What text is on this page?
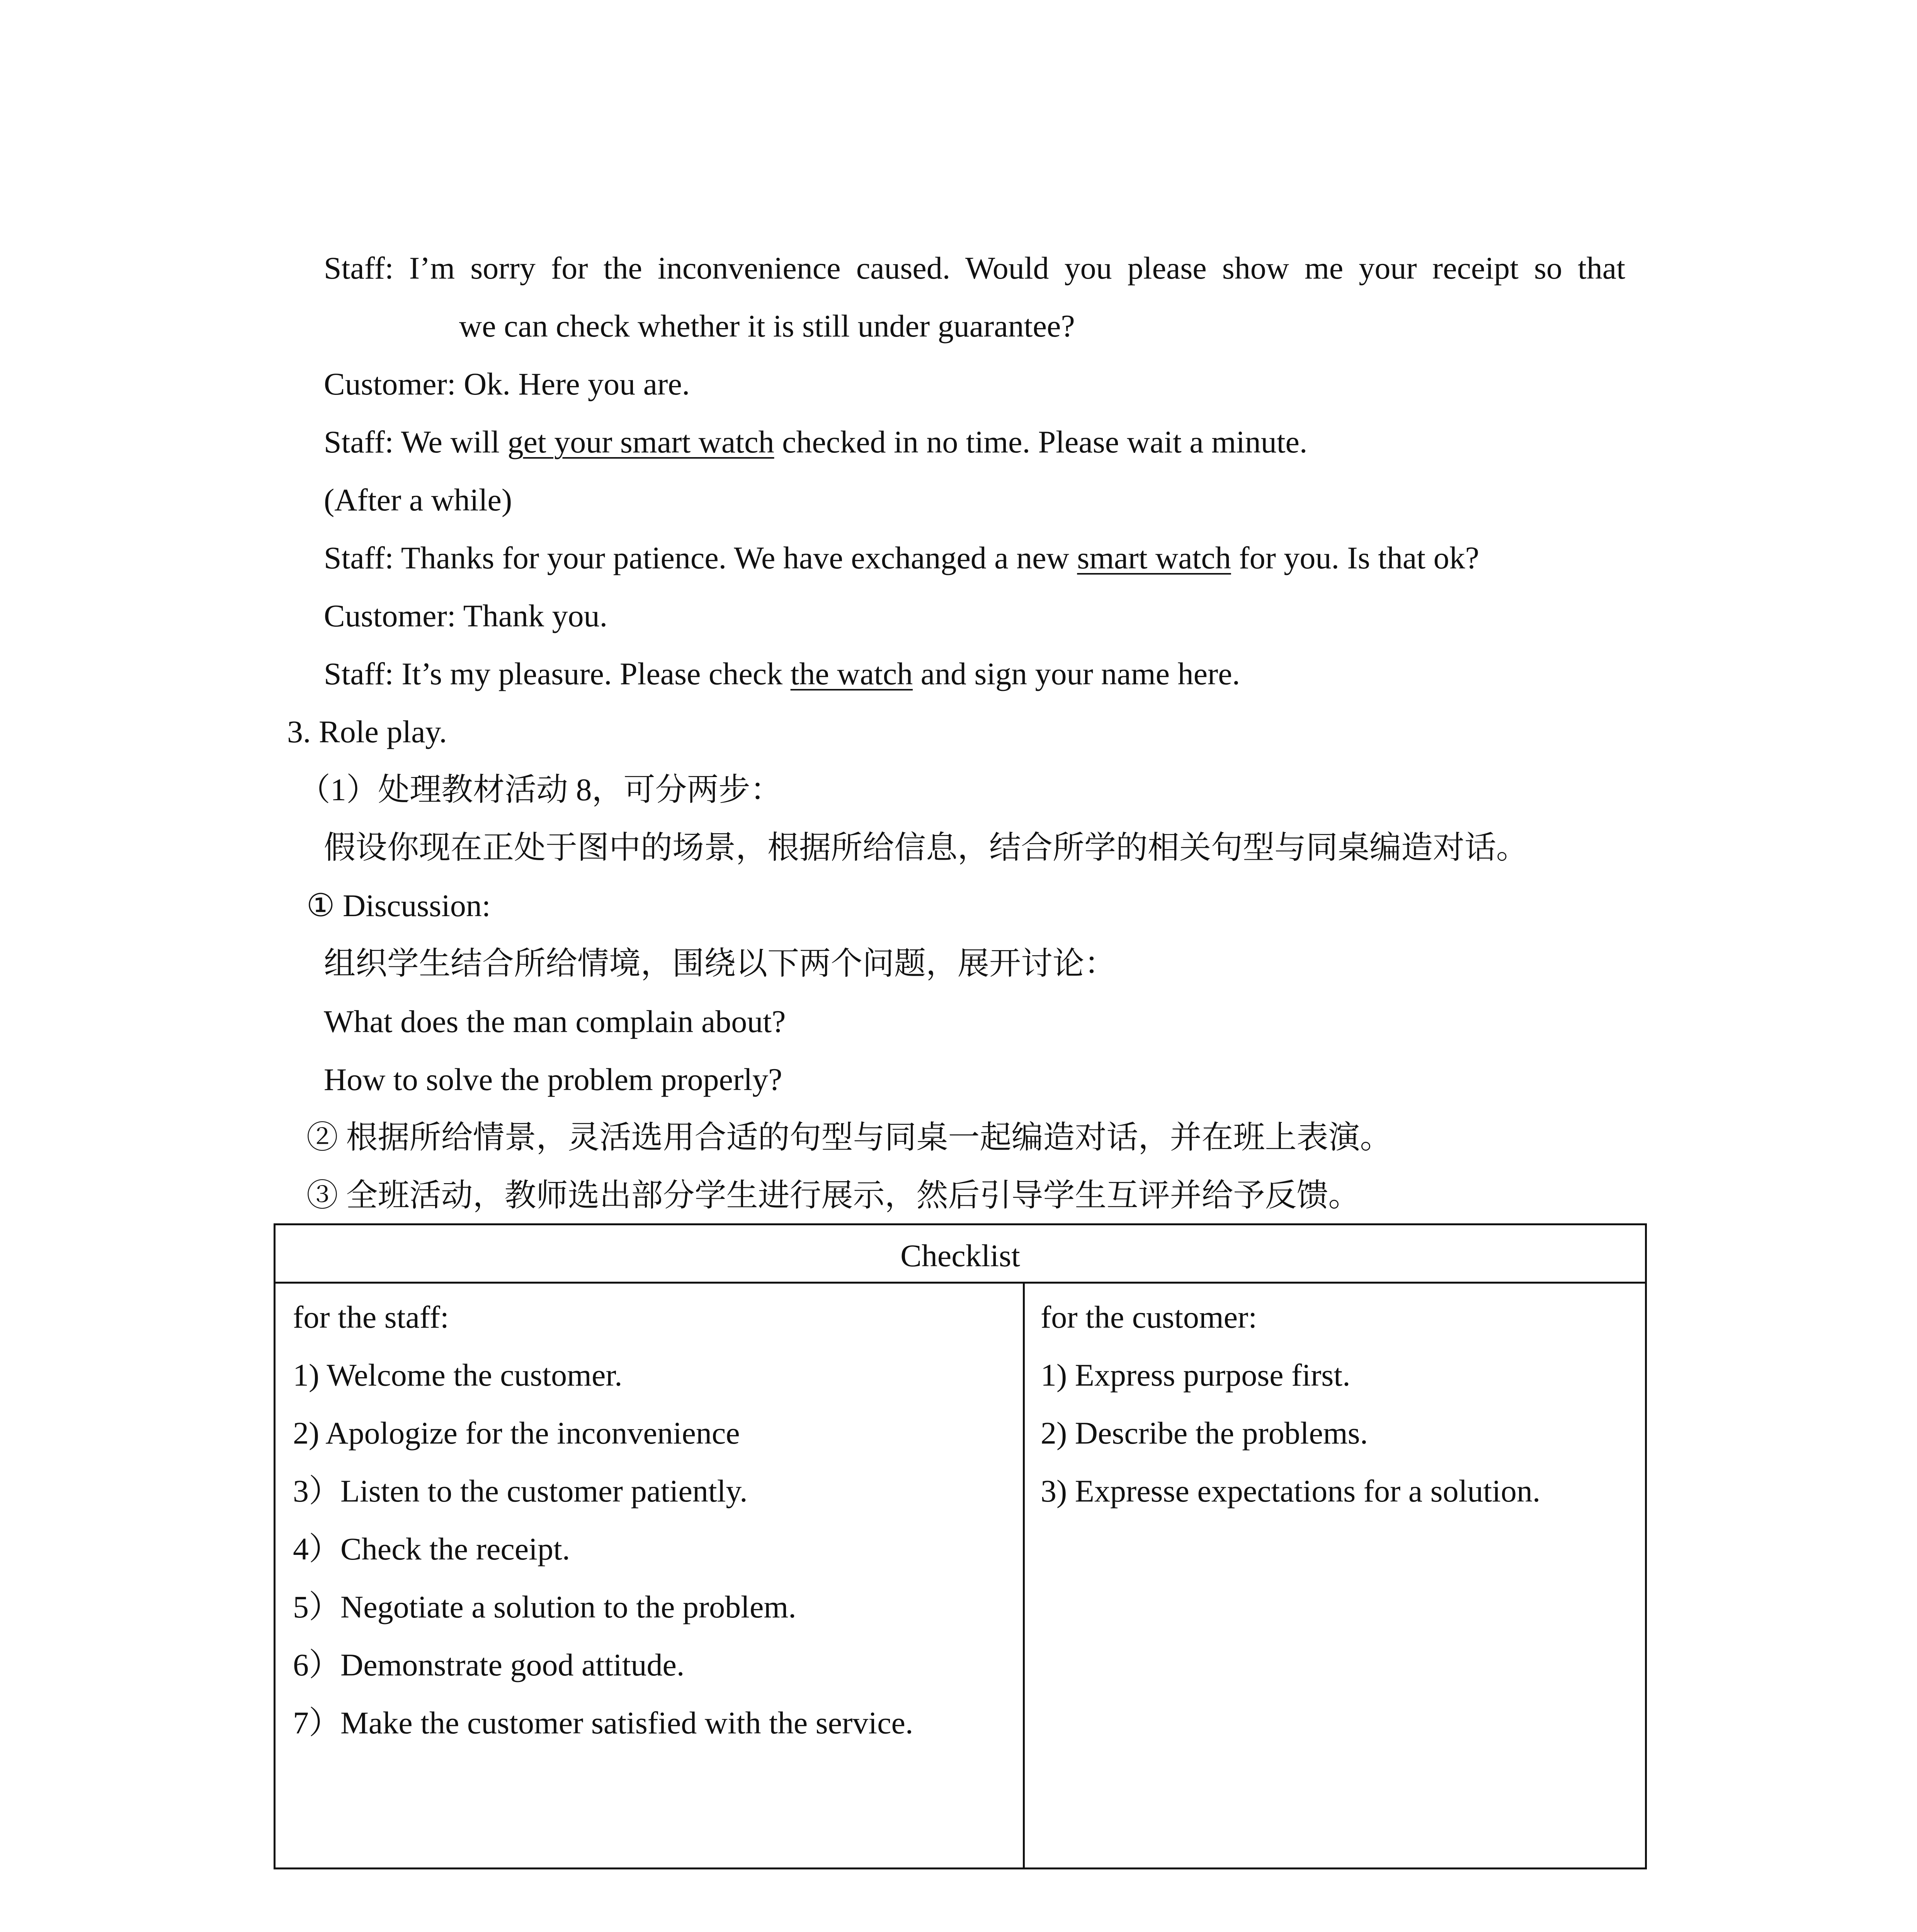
Staff: I’m sorry for the inconvenience caused. Would you please show me your receipt so that
we can check whether it is still under guarantee?
Customer: Ok. Here you are.
Staff: We will get your smart watch checked in no time. Please wait a minute.
(After a while)
Staff: Thanks for your patience. We have exchanged a new smart watch for you. Is that ok?
Customer: Thank you.
Staff: It’s my pleasure. Please check the watch and sign your name here.
3. Role play.
（1）处理教材活动 8，可分两步：
假设你现在正处于图中的场景，根据所给信息，结合所学的相关句型与同桌编造对话。
① Discussion:
组织学生结合所给情境，围绕以下两个问题，展开讨论：
What does the man complain about?
How to solve the problem properly?
② 根据所给情景，灵活选用合适的句型与同桌一起编造对话，并在班上表演。
③ 全班活动，教师选出部分学生进行展示，然后引导学生互评并给予反馈。
Checklist
for the staff:
1) Welcome the customer.
2) Apologize for the inconvenience
3）Listen to the customer patiently.
4）Check the receipt.
5）Negotiate a solution to the problem.
6）Demonstrate good attitude.
7）Make the customer satisfied with the service.
for the customer:
1) Express purpose first.
2) Describe the problems.
3) Expresse expectations for a solution.
